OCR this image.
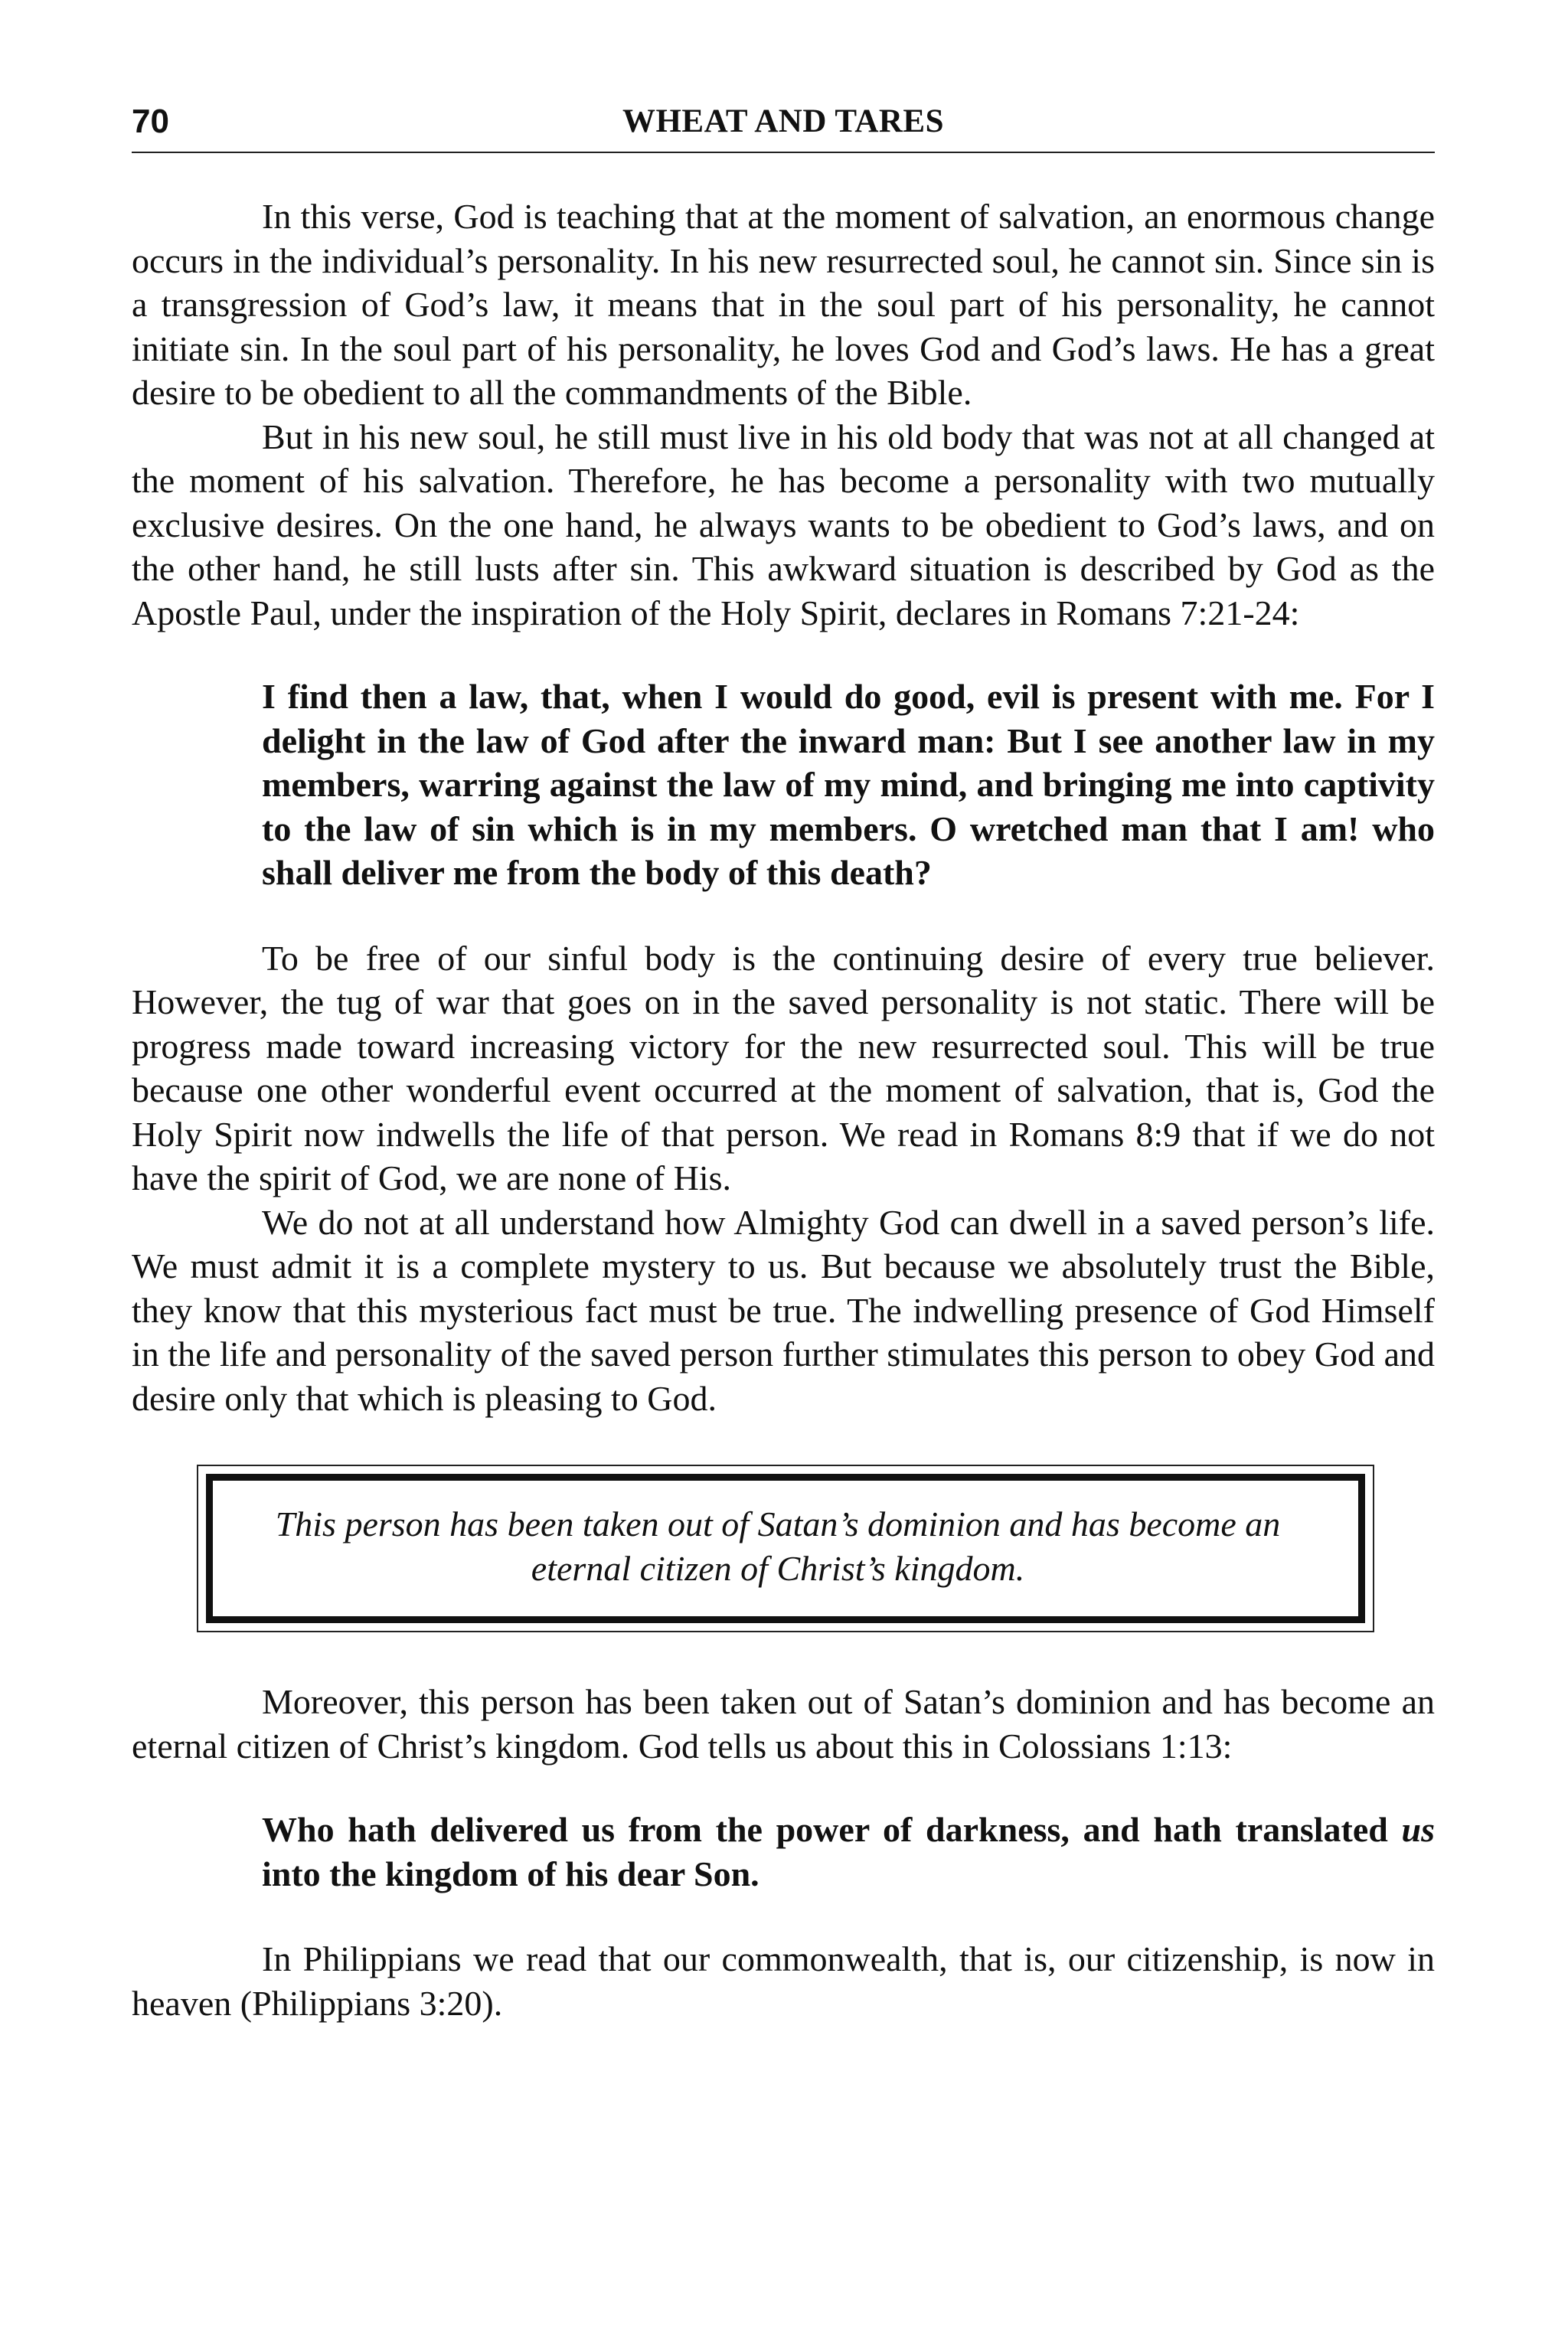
70	WHEAT AND TARES

In this verse, God is teaching that at the moment of salvation, an enormous change occurs in the individual’s personality. In his new resurrected soul, he cannot sin. Since sin is a transgression of God’s law, it means that in the soul part of his personality, he cannot initiate sin. In the soul part of his personality, he loves God and God’s laws. He has a great desire to be obedient to all the commandments of the Bible.

But in his new soul, he still must live in his old body that was not at all changed at the moment of his salvation. Therefore, he has become a personality with two mutually exclusive desires. On the one hand, he always wants to be obedient to God’s laws, and on the other hand, he still lusts after sin. This awkward situation is described by God as the Apostle Paul, under the inspiration of the Holy Spirit, declares in Romans 7:21-24:

I find then a law, that, when I would do good, evil is present with me. For I delight in the law of God after the inward man: But I see another law in my members, warring against the law of my mind, and bringing me into captivity to the law of sin which is in my members. O wretched man that I am! who shall deliver me from the body of this death?

To be free of our sinful body is the continuing desire of every true believer. However, the tug of war that goes on in the saved personality is not static. There will be progress made toward increasing victory for the new resurrected soul. This will be true because one other wonderful event occurred at the moment of salvation, that is, God the Holy Spirit now indwells the life of that person. We read in Romans 8:9 that if we do not have the spirit of God, we are none of His.

We do not at all understand how Almighty God can dwell in a saved person’s life. We must admit it is a complete mystery to us. But because we absolutely trust the Bible, they know that this mysterious fact must be true. The indwelling presence of God Himself in the life and personality of the saved person further stimulates this person to obey God and desire only that which is pleasing to God.

This person has been taken out of Satan’s dominion and has become an eternal citizen of Christ’s kingdom.

Moreover, this person has been taken out of Satan’s dominion and has become an eternal citizen of Christ’s kingdom. God tells us about this in Colossians 1:13:

Who hath delivered us from the power of darkness, and hath translated us into the kingdom of his dear Son.

In Philippians we read that our commonwealth, that is, our citizenship, is now in heaven (Philippians 3:20).
